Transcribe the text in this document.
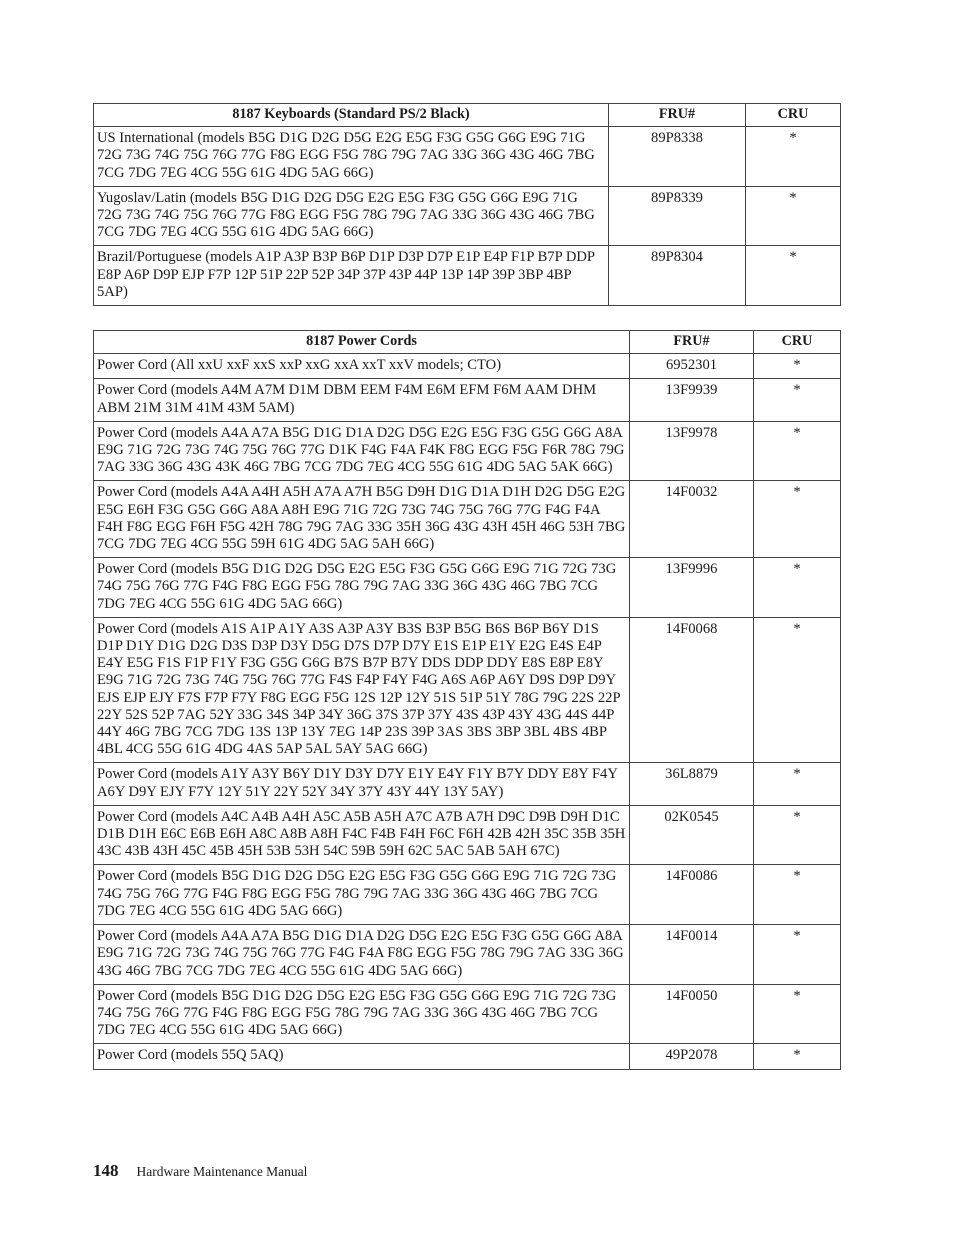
8187 Keyboards (Standard PS/2 Black)	FRU#	CRU
US International (models B5G D1G D2G D5G E2G E5G F3G G5G G6G E9G 71G 72G 73G 74G 75G 76G 77G F8G EGG F5G 78G 79G 7AG 33G 36G 43G 46G 7BG 7CG 7DG 7EG 4CG 55G 61G 4DG 5AG 66G)	89P8338	*
Yugoslav/Latin (models B5G D1G D2G D5G E2G E5G F3G G5G G6G E9G 71G 72G 73G 74G 75G 76G 77G F8G EGG F5G 78G 79G 7AG 33G 36G 43G 46G 7BG 7CG 7DG 7EG 4CG 55G 61G 4DG 5AG 66G)	89P8339	*
Brazil/Portuguese (models A1P A3P B3P B6P D1P D3P D7P E1P E4P F1P B7P DDP E8P A6P D9P EJP F7P 12P 51P 22P 52P 34P 37P 43P 44P 13P 14P 39P 3BP 4BP 5AP)	89P8304	*
8187 Power Cords	FRU#	CRU
Power Cord (All xxU xxF xxS xxP xxG xxA xxT xxV models; CTO)	6952301	*
Power Cord (models A4M A7M D1M DBM EEM F4M E6M EFM F6M AAM DHM ABM 21M 31M 41M 43M 5AM)	13F9939	*
Power Cord (models A4A A7A B5G D1G D1A D2G D5G E2G E5G F3G G5G G6G A8A E9G 71G 72G 73G 74G 75G 76G 77G D1K F4G F4A F4K F8G EGG F5G F6R 78G 79G 7AG 33G 36G 43G 43K 46G 7BG 7CG 7DG 7EG 4CG 55G 61G 4DG 5AG 5AK 66G)	13F9978	*
Power Cord (models A4A A4H A5H A7A A7H B5G D9H D1G D1A D1H D2G D5G E2G E5G E6H F3G G5G G6G A8A A8H E9G 71G 72G 73G 74G 75G 76G 77G F4G F4A F4H F8G EGG F6H F5G 42H 78G 79G 7AG 33G 35H 36G 43G 43H 45H 46G 53H 7BG 7CG 7DG 7EG 4CG 55G 59H 61G 4DG 5AG 5AH 66G)	14F0032	*
Power Cord (models B5G D1G D2G D5G E2G E5G F3G G5G G6G E9G 71G 72G 73G 74G 75G 76G 77G F4G F8G EGG F5G 78G 79G 7AG 33G 36G 43G 46G 7BG 7CG 7DG 7EG 4CG 55G 61G 4DG 5AG 66G)	13F9996	*
Power Cord (models A1S A1P A1Y A3S A3P A3Y B3S B3P B5G B6S B6P B6Y D1S D1P D1Y D1G D2G D3S D3P D3Y D5G D7S D7P D7Y E1S E1P E1Y E2G E4S E4P E4Y E5G F1S F1P F1Y F3G G5G G6G B7S B7P B7Y DDS DDP DDY E8S E8P E8Y E9G 71G 72G 73G 74G 75G 76G 77G F4S F4P F4Y F4G A6S A6P A6Y D9S D9P D9Y EJS EJP EJY F7S F7P F7Y F8G EGG F5G 12S 12P 12Y 51S 51P 51Y 78G 79G 22S 22P 22Y 52S 52P 7AG 52Y 33G 34S 34P 34Y 36G 37S 37P 37Y 43S 43P 43Y 43G 44S 44P 44Y 46G 7BG 7CG 7DG 13S 13P 13Y 7EG 14P 23S 39P 3AS 3BS 3BP 3BL 4BS 4BP 4BL 4CG 55G 61G 4DG 4AS 5AP 5AL 5AY 5AG 66G)	14F0068	*
Power Cord (models A1Y A3Y B6Y D1Y D3Y D7Y E1Y E4Y F1Y B7Y DDY E8Y F4Y A6Y D9Y EJY F7Y 12Y 51Y 22Y 52Y 34Y 37Y 43Y 44Y 13Y 5AY)	36L8879	*
Power Cord (models A4C A4B A4H A5C A5B A5H A7C A7B A7H D9C D9B D9H D1C D1B D1H E6C E6B E6H A8C A8B A8H F4C F4B F4H F6C F6H 42B 42H 35C 35B 35H 43C 43B 43H 45C 45B 45H 53B 53H 54C 59B 59H 62C 5AC 5AB 5AH 67C)	02K0545	*
Power Cord (models B5G D1G D2G D5G E2G E5G F3G G5G G6G E9G 71G 72G 73G 74G 75G 76G 77G F4G F8G EGG F5G 78G 79G 7AG 33G 36G 43G 46G 7BG 7CG 7DG 7EG 4CG 55G 61G 4DG 5AG 66G)	14F0086	*
Power Cord (models A4A A7A B5G D1G D1A D2G D5G E2G E5G F3G G5G G6G A8A E9G 71G 72G 73G 74G 75G 76G 77G F4G F4A F8G EGG F5G 78G 79G 7AG 33G 36G 43G 46G 7BG 7CG 7DG 7EG 4CG 55G 61G 4DG 5AG 66G)	14F0014	*
Power Cord (models B5G D1G D2G D5G E2G E5G F3G G5G G6G E9G 71G 72G 73G 74G 75G 76G 77G F4G F8G EGG F5G 78G 79G 7AG 33G 36G 43G 46G 7BG 7CG 7DG 7EG 4CG 55G 61G 4DG 5AG 66G)	14F0050	*
Power Cord (models 55Q 5AQ)	49P2078	*
148 Hardware Maintenance Manual
